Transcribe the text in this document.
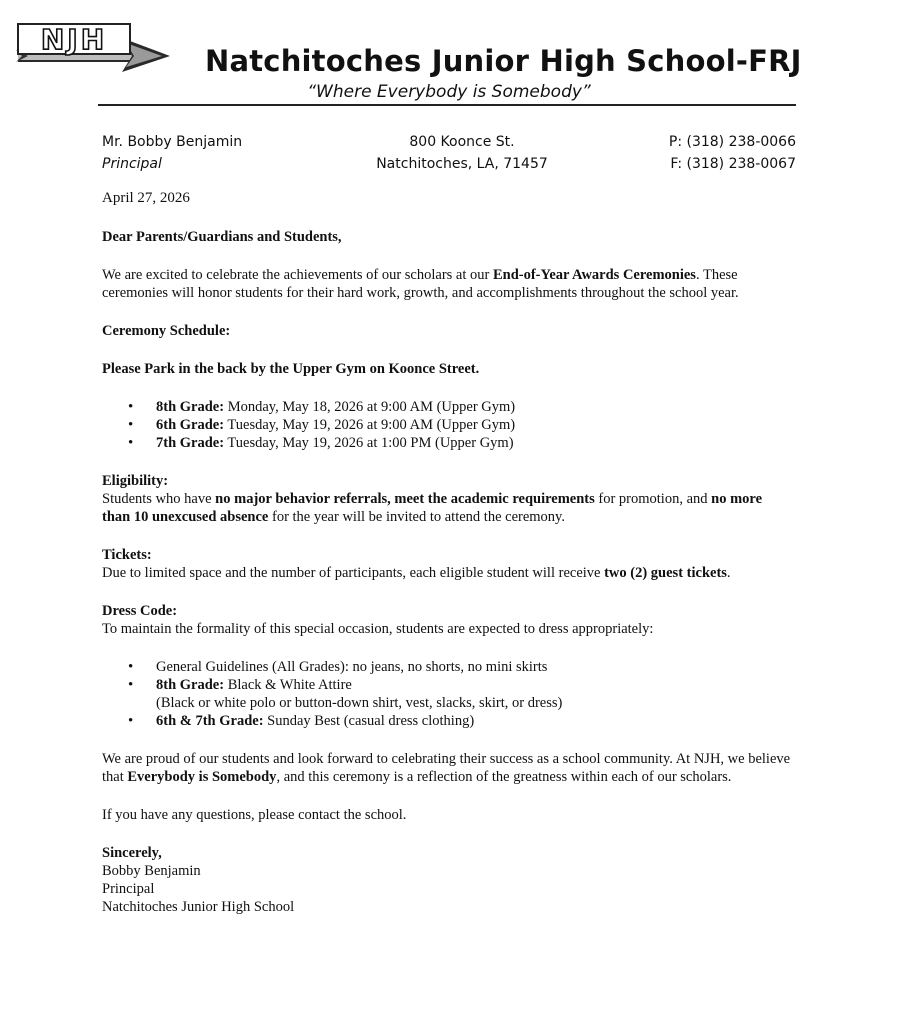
NJH
Natchitoches Junior High School-FRJ
“Where Everybody is Somebody”
Mr. Bobby Benjamin
Principal
800 Koonce St.
Natchitoches, LA, 71457
P: (318) 238-0066
F: (318) 238-0067

April 27, 2026

Dear Parents/Guardians and Students,

We are excited to celebrate the achievements of our scholars at our End-of-Year Awards Ceremonies. These ceremonies will honor students for their hard work, growth, and accomplishments throughout the school year.

Ceremony Schedule:

Please Park in the back by the Upper Gym on Koonce Street.

• 8th Grade: Monday, May 18, 2026 at 9:00 AM (Upper Gym)
• 6th Grade: Tuesday, May 19, 2026 at 9:00 AM (Upper Gym)
• 7th Grade: Tuesday, May 19, 2026 at 1:00 PM (Upper Gym)

Eligibility:

Students who have no major behavior referrals, meet the academic requirements for promotion, and no more than 10 unexcused absence for the year will be invited to attend the ceremony.

Tickets:

Due to limited space and the number of participants, each eligible student will receive two (2) guest tickets.

Dress Code:

To maintain the formality of this special occasion, students are expected to dress appropriately:

• General Guidelines (All Grades): no jeans, no shorts, no mini skirts
• 8th Grade: Black & White Attire
(Black or white polo or button-down shirt, vest, slacks, skirt, or dress)
• 6th & 7th Grade: Sunday Best (casual dress clothing)

We are proud of our students and look forward to celebrating their success as a school community. At NJH, we believe that Everybody is Somebody, and this ceremony is a reflection of the greatness within each of our scholars.

If you have any questions, please contact the school.

Sincerely,

Bobby Benjamin

Principal

Natchitoches Junior High School
